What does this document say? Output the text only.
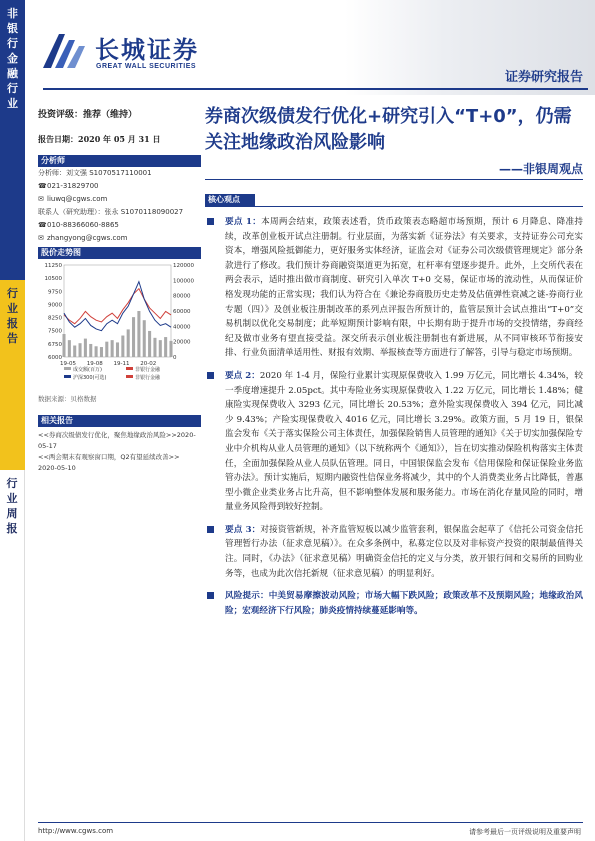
非银行金融行业
行业报告
行业周报
长城证券
GREAT WALL SECURITIES
证券研究报告
投资评级：推荐（维持）
报告日期：2020 年 05 月 31 日
分析师
分析师：刘文强 S1070517110001
☎021-31829700
✉ liuwq@cgws.com
联系人（研究助理）：张永 S1070118090027
☎010-88366060-8865
✉ zhangyong@cgws.com
股价走势图
6000
6750
7500
8250
9000
9750
10500
11250
0
20000
40000
60000
80000
100000
120000
19-05 19-08 19-11 20-02
成交额(百万)	非银行金融
沪深300(可选)	非银行金融
数据来源：贝格数据
相关报告
<<券商次级债发行优化，聚焦地缘政治风险>>2020-05-17
<<两会期末有观察窗口期，Q2有望延续改善>>
2020-05-10
券商次级债发行优化+研究引入“T+0”，仍需关注地缘政治风险影响
——非银周观点
核心观点
要点 1：本周两会结束，政策表述看，货币政策表态略超市场预期，预计 6 月降息、降准持续，改革创业板开试点注册制。行业层面，为落实新《证券法》有关要求，支持证券公司充实资本，增强风险抵御能力，更好服务实体经济，证监会对《证券公司次级债管理规定》部分条款进行了修改。我们预计券商融资渠道更为拓宽，杠杆率有望逐步提升。此外，上交所代表在两会表示，适时推出做市商制度、研究引入单次 T+0 交易，保证市场的流动性，从而保证价格发现功能的正常实现；我们认为符合在《兼论券商股历史走势及估值弹性衰减之谜-券商行业专题（四）》及创业板注册制改革的系列点评报告所预计的，监管层预计会试点推出“T+0”交易机制以优化交易制度；此举短期预计影响有限，中长期有助于提升市场的交投情绪，券商经纪及做市业务有望直接受益。深交所表示创业板注册制也有新进展，从不同审核环节衔接安排、行业负面清单适用性、财报有效期、举报核查等方面进行了解答，引导与稳定市场预期。
要点 2：2020 年 1-4 月，保险行业累计实现原保费收入 1.99 万亿元，同比增长 4.34%，较一季度增速提升 2.05pct。其中寿险业务实现原保费收入 1.22 万亿元，同比增长 1.48%；健康险实现保费收入 3293 亿元，同比增长 20.53%；意外险实现保费收入 394 亿元，同比减少 9.43%；产险实现保费收入 4016 亿元，同比增长 3.29%。政策方面，5 月 19 日，银保监会发布《关于落实保险公司主体责任，加强保险销售人员管理的通知》《关于切实加强保险专业中介机构从业人员管理的通知》（以下统称两个《通知》），旨在切实推动保险机构落实主体责任，全面加强保险从业人员队伍管理。同日，中国银保监会发布《信用保险和保证保险业务监管办法》。预计实施后，短期内融资性信保业务将减少，其中的个人消费类业务占比降低，普惠型小微企业类业务占比升高，但不影响整体发展和服务能力。市场在消化存量风险的同时，增量业务风险得到较好控制。
要点 3：对接资管新规，补齐监管短板以减少监管套利，银保监会起草了《信托公司资金信托管理暂行办法（征求意见稿）》。在众多条例中，私募定位以及对非标资产投资的限制最值得关注。同时，《办法》（征求意见稿）明确资金信托的定义与分类，放开银行间和交易所的回购业务等，也成为此次信托新规（征求意见稿）的明显利好。
风险提示：中美贸易摩擦波动风险；市场大幅下跌风险；政策改革不及预期风险；地缘政治风险；宏观经济下行风险；肺炎疫情持续蔓延影响等。
http://www.cgws.com	请参考最后一页评级说明及重要声明
